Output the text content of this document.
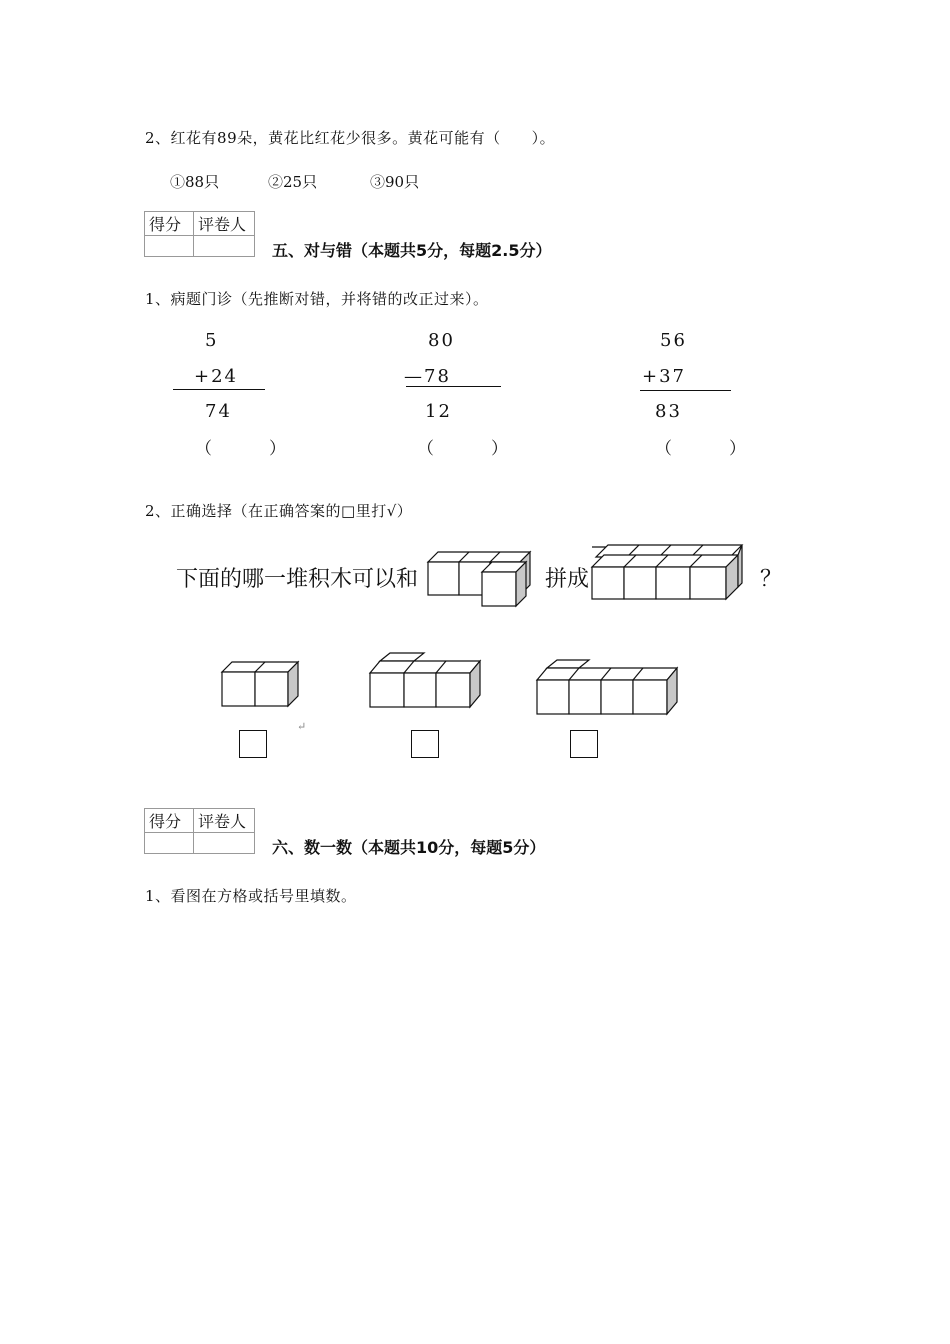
2、红花有89朵，黄花比红花少很多。黄花可能有（　　）。
①88只	②25只	③90只
得分	评卷人

五、对与错（本题共5分，每题2.5分）
1、病题门诊（先推断对错，并将错的改正过来）。
5
+24
74
（　）
80
—78
12
（　）
56
+37
83
（　）
2、正确选择（在正确答案的□里打√）
下面的哪一堆积木可以和	拼成	？
↵
得分	评卷人

六、数一数（本题共10分，每题5分）
1、看图在方格或括号里填数。
